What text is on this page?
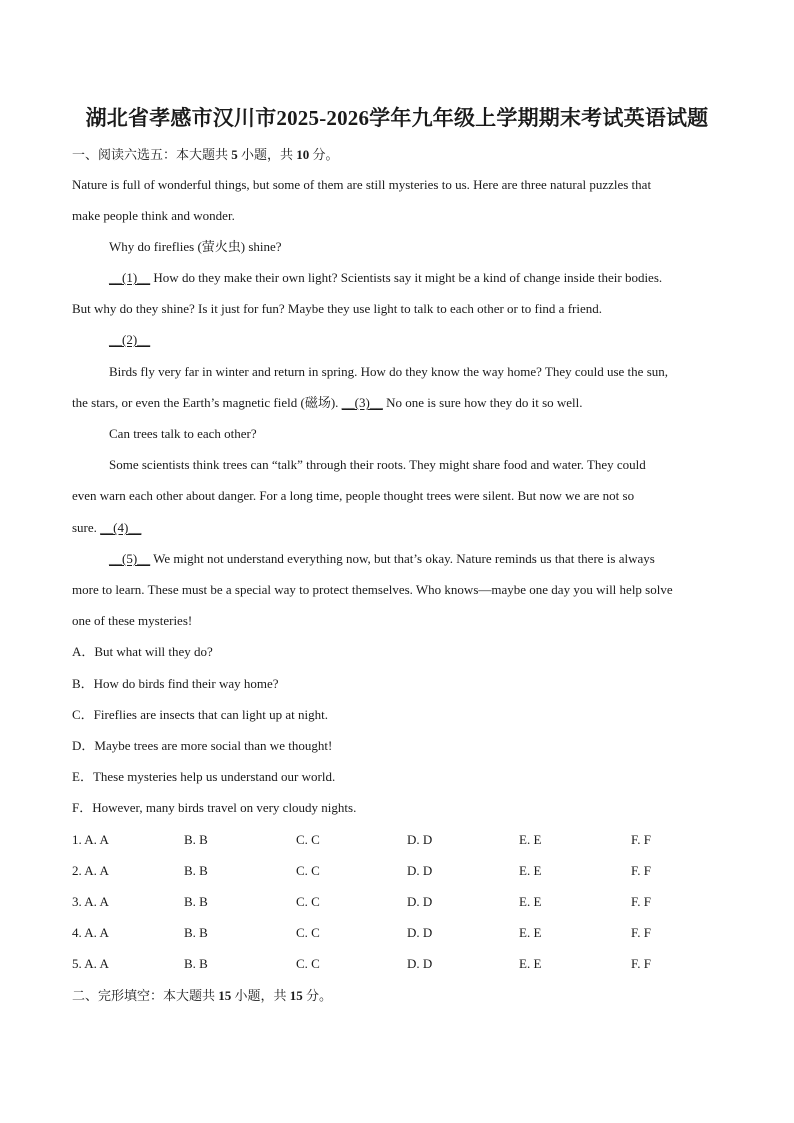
湖北省孝感市汉川市2025-2026学年九年级上学期期末考试英语试题
一、阅读六选五：本大题共 5 小题，共 10 分。
Nature is full of wonderful things, but some of them are still mysteries to us. Here are three natural puzzles that
make people think and wonder.
Why do fireflies (萤火虫) shine?
__(1)__ How do they make their own light? Scientists say it might be a kind of change inside their bodies.
But why do they shine? Is it just for fun? Maybe they use light to talk to each other or to find a friend.
__(2)__
Birds fly very far in winter and return in spring. How do they know the way home? They could use the sun,
the stars, or even the Earth’s magnetic field (磁场). __(3)__ No one is sure how they do it so well.
Can trees talk to each other?
Some scientists think trees can “talk” through their roots. They might share food and water. They could
even warn each other about danger. For a long time, people thought trees were silent. But now we are not so
sure. __(4)__
__(5)__ We might not understand everything now, but that’s okay. Nature reminds us that there is always
more to learn. These must be a special way to protect themselves. Who knows—maybe one day you will help solve
one of these mysteries!
A．But what will they do?
B．How do birds find their way home?
C．Fireflies are insects that can light up at night.
D．Maybe trees are more social than we thought!
E．These mysteries help us understand our world.
F．However, many birds travel on very cloudy nights.
1. A. A	B. B	C. C	D. D	E. E	F. F
2. A. A	B. B	C. C	D. D	E. E	F. F
3. A. A	B. B	C. C	D. D	E. E	F. F
4. A. A	B. B	C. C	D. D	E. E	F. F
5. A. A	B. B	C. C	D. D	E. E	F. F
二、完形填空：本大题共 15 小题，共 15 分。
